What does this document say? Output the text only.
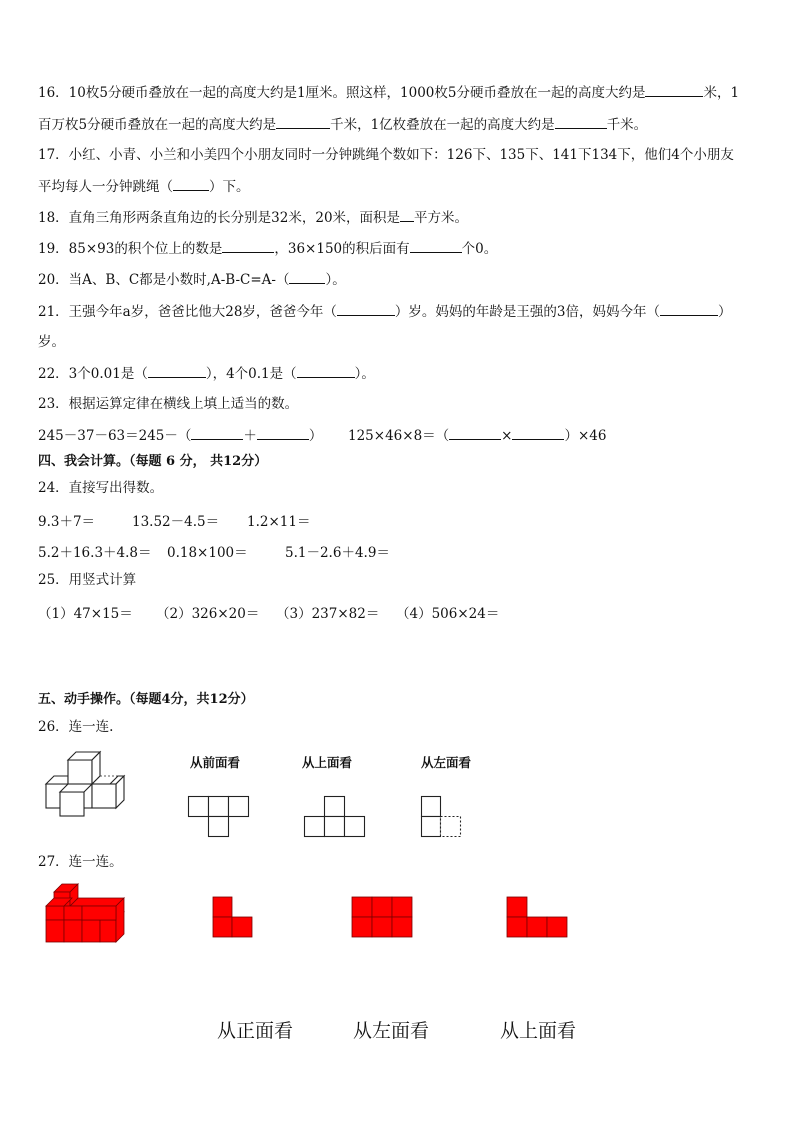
16．10枚5分硬币叠放在一起的高度大约是1厘米。照这样，1000枚5分硬币叠放在一起的高度大约是	米，1
百万枚5分硬币叠放在一起的高度大约是	千米，1亿枚叠放在一起的高度大约是	千米。
17．小红、小青、小兰和小美四个小朋友同时一分钟跳绳个数如下：126下、135下、141下134下，他们4个小朋友
平均每人一分钟跳绳（	）下。
18．直角三角形两条直角边的长分别是32米，20米，面积是 平方米。
19．85×93的积个位上的数是	，36×150的积后面有	个0。
20．当A、B、C都是小数时,A-B-C=A-（	）。
21．王强今年a岁，爸爸比他大28岁，爸爸今年（	）岁。妈妈的年龄是王强的3倍，妈妈今年（	）
岁。
22．3个0.01是（	），4个0.1是（	）。
23．根据运算定律在横线上填上适当的数。
245－37－63＝245－（	＋	） 125×46×8＝（	×	）×46
四、我会计算。（每题 6 分， 共12分）
24．直接写出得数。
9.3＋7＝	13.52－4.5＝ 1.2×11＝
5.2＋16.3＋4.8＝ 0.18×100＝	5.1－2.6＋4.9＝
25．用竖式计算
（1）47×15＝ （2）326×20＝ （3）237×82＝ （4）506×24＝
五、动手操作。（每题4分，共12分）
26．连一连.
从前面看	从上面看	从左面看
27．连一连。
从正面看	从左面看	从上面看
